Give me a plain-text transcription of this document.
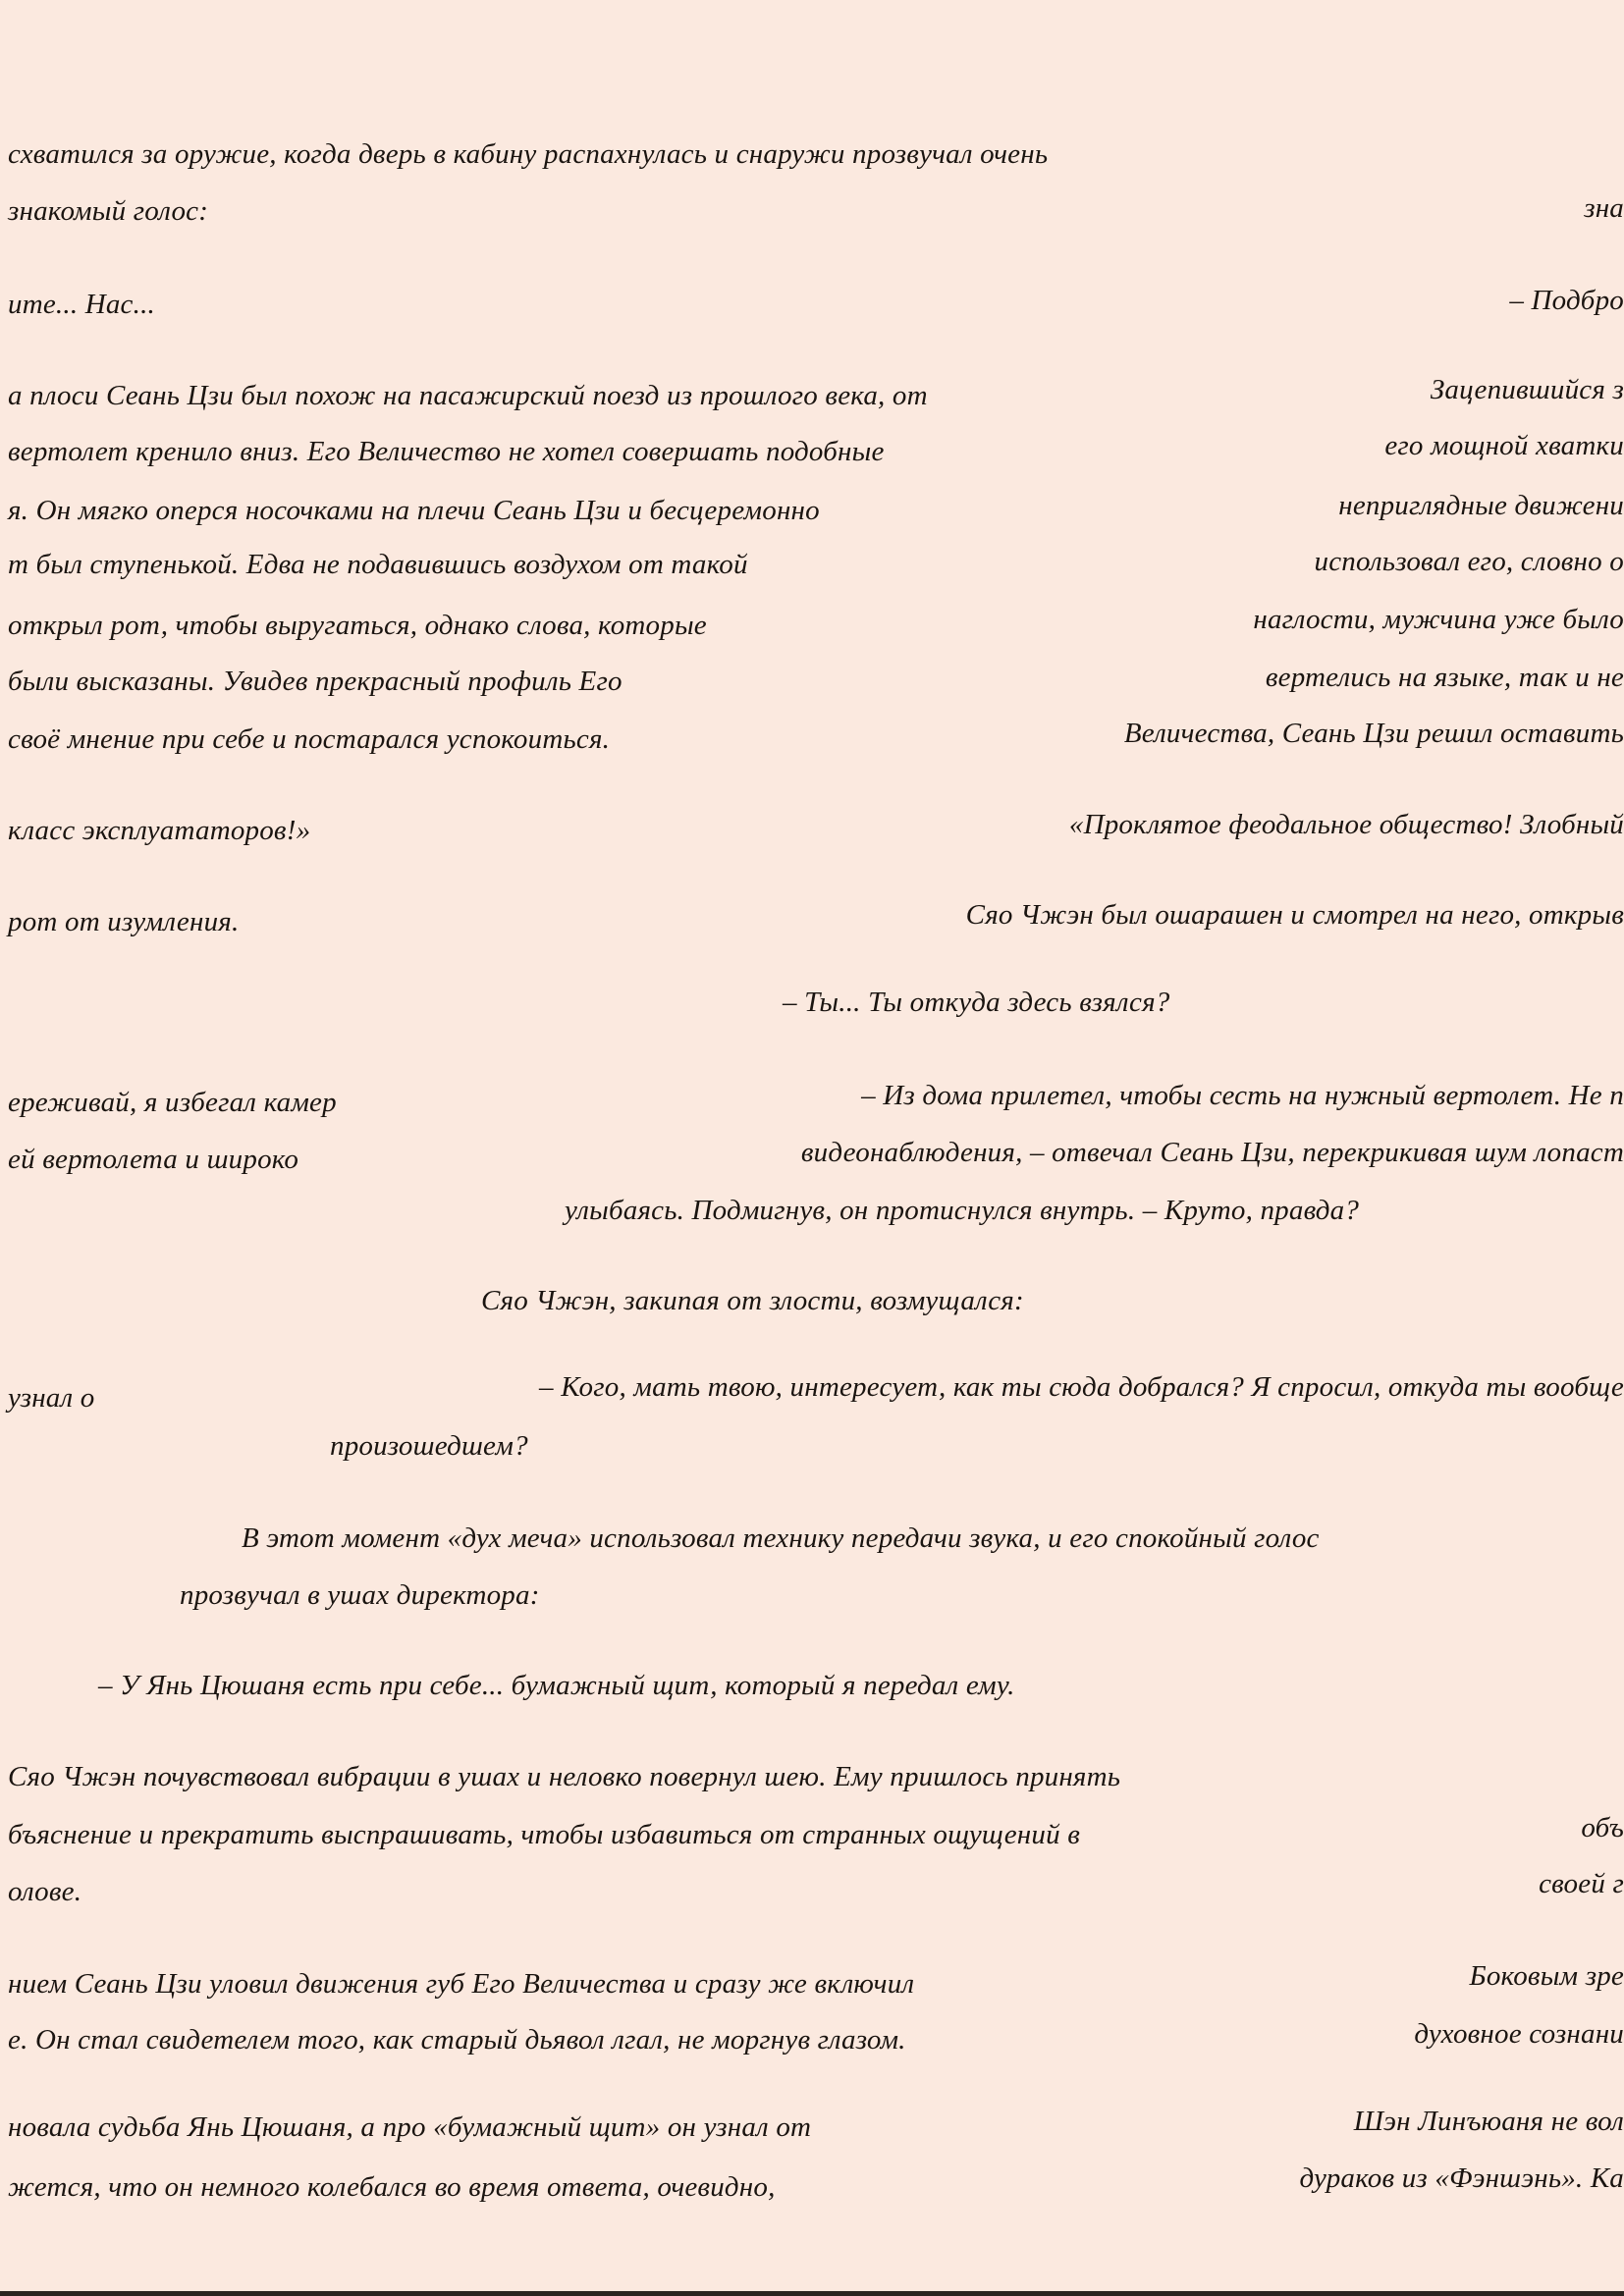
схватился за оружие, когда дверь в кабину распахнулась и снаружи прозвучал очень
знакомый голос:	зна
ите... Нас...	– Подбро
а плоси Сеань Цзи был похож на пасажирский поезд из прошлого века, от	Зацепившийся з
вертолет кренило вниз. Его Величество не хотел совершать подобные	его мощной хватки
я. Он мягко оперся носочками на плечи Сеань Цзи и бесцеремонно	неприглядные движени
т был ступенькой. Едва не подавившись воздухом от такой	использовал его, словно о
открыл рот, чтобы выругаться, однако слова, которые	наглости, мужчина уже было
были высказаны. Увидев прекрасный профиль Его	вертелись на языке, так и не
своё мнение при себе и постарался успокоиться.	Величества, Сеань Цзи решил оставить
класс эксплуататоров!»	«Проклятое феодальное общество! Злобный
рот от изумления.	Сяо Чжэн был ошарашен и смотрел на него, открыв
– Ты... Ты откуда здесь взялся?
ереживай, я избегал камер	– Из дома прилетел, чтобы сесть на нужный вертолет. Не п
ей вертолета и широко	видеонаблюдения, – отвечал Сеань Цзи, перекрикивая шум лопаст
улыбаясь. Подмигнув, он протиснулся внутрь. – Круто, правда?
Сяо Чжэн, закипая от злости, возмущался:
узнал о	– Кого, мать твою, интересует, как ты сюда добрался? Я спросил, откуда ты вообще
произошедшем?
В этот момент «дух меча» использовал технику передачи звука, и его спокойный голос
прозвучал в ушах директора:
– У Янь Цюшаня есть при себе... бумажный щит, который я передал ему.
Сяо Чжэн почувствовал вибрации в ушах и неловко повернул шею. Ему пришлось принять
бъяснение и прекратить выспрашивать, чтобы избавиться от странных ощущений в	объ
олове.	своей г
нием Сеань Цзи уловил движения губ Его Величества и сразу же включил	Боковым зре
е. Он стал свидетелем того, как старый дьявол лгал, не моргнув глазом.	духовное сознани
новала судьба Янь Цюшаня, а про «бумажный щит» он узнал от	Шэн Линъюаня не вол
жется, что он немного колебался во время ответа, очевидно,	дураков из «Фэншэнь». Ка
